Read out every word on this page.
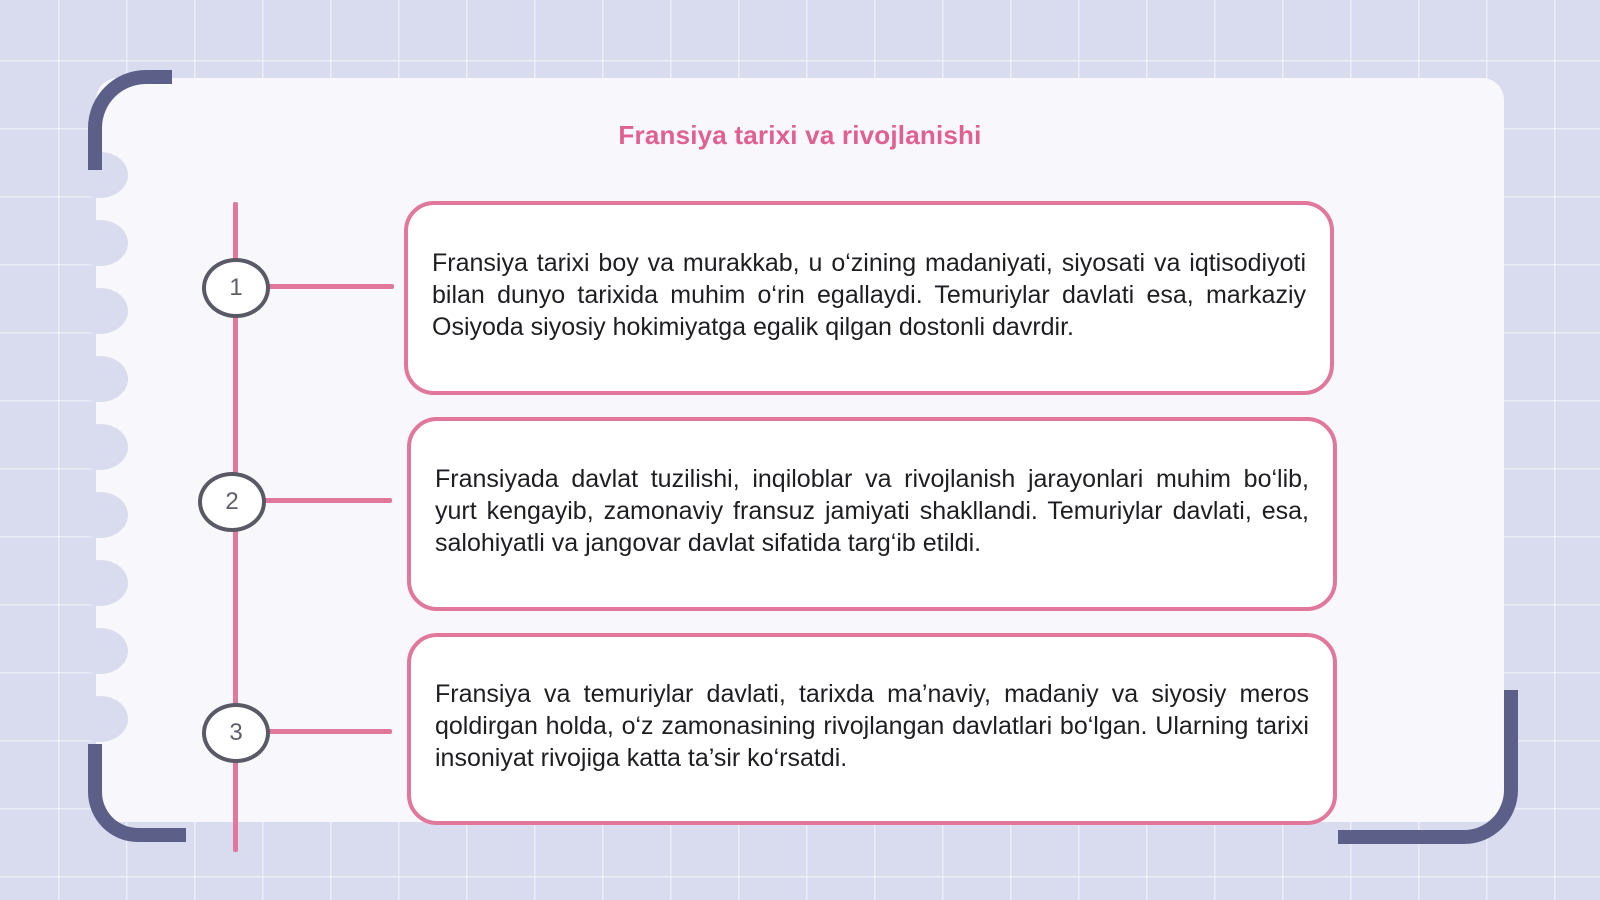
Fransiya tarixi va rivojlanishi
1
2
3
Fransiya tarixi boy va murakkab, u o‘zining madaniyati, siyosati va iqtisodiyoti bilan dunyo tarixida muhim o‘rin egallaydi. Temuriylar davlati esa, markaziy Osiyoda siyosiy hokimiyatga egalik qilgan dostonli davrdir.
Fransiyada davlat tuzilishi, inqiloblar va rivojlanish jarayonlari muhim bo‘lib, yurt kengayib, zamonaviy fransuz jamiyati shakllandi. Temuriylar davlati, esa, salohiyatli va jangovar davlat sifatida targ‘ib etildi.
Fransiya va temuriylar davlati, tarixda ma’naviy, madaniy va siyosiy meros qoldirgan holda, o‘z zamonasining rivojlangan davlatlari bo‘lgan. Ularning tarixi insoniyat rivojiga katta ta’sir ko‘rsatdi.
